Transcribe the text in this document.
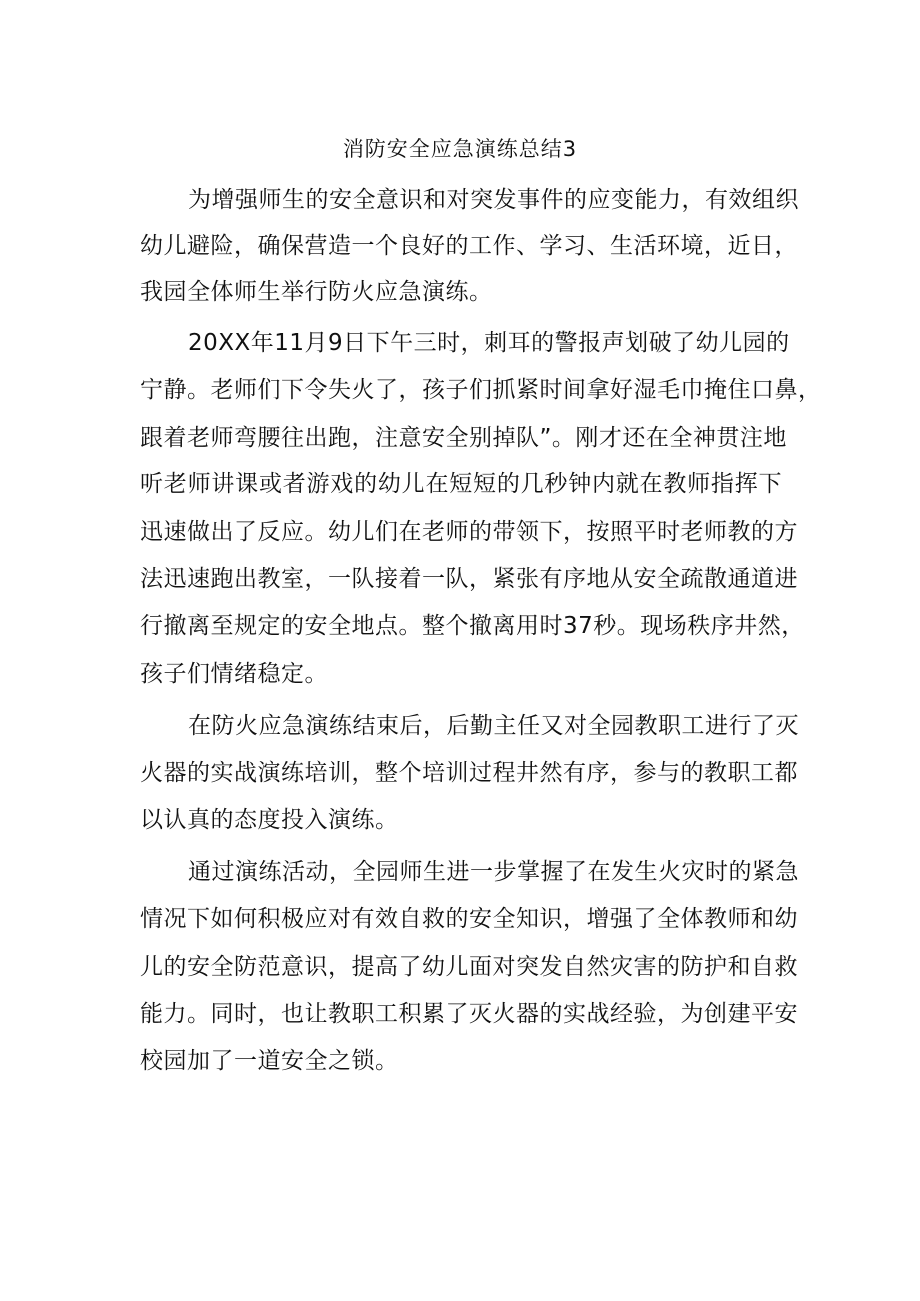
消防安全应急演练总结3
为增强师生的安全意识和对突发事件的应变能力，有效组织
幼儿避险，确保营造一个良好的工作、学习、生活环境，近日，
我园全体师生举行防火应急演练。
20XX年11月9日下午三时，刺耳的警报声划破了幼儿园的
宁静。老师们下令失火了，孩子们抓紧时间拿好湿毛巾掩住口鼻，
跟着老师弯腰往出跑，注意安全别掉队”。刚才还在全神贯注地
听老师讲课或者游戏的幼儿在短短的几秒钟内就在教师指挥下
迅速做出了反应。幼儿们在老师的带领下，按照平时老师教的方
法迅速跑出教室，一队接着一队，紧张有序地从安全疏散通道进
行撤离至规定的安全地点。整个撤离用时37秒。现场秩序井然，
孩子们情绪稳定。
在防火应急演练结束后，后勤主任又对全园教职工进行了灭
火器的实战演练培训，整个培训过程井然有序，参与的教职工都
以认真的态度投入演练。
通过演练活动，全园师生进一步掌握了在发生火灾时的紧急
情况下如何积极应对有效自救的安全知识，增强了全体教师和幼
儿的安全防范意识，提高了幼儿面对突发自然灾害的防护和自救
能力。同时，也让教职工积累了灭火器的实战经验，为创建平安
校园加了一道安全之锁。
